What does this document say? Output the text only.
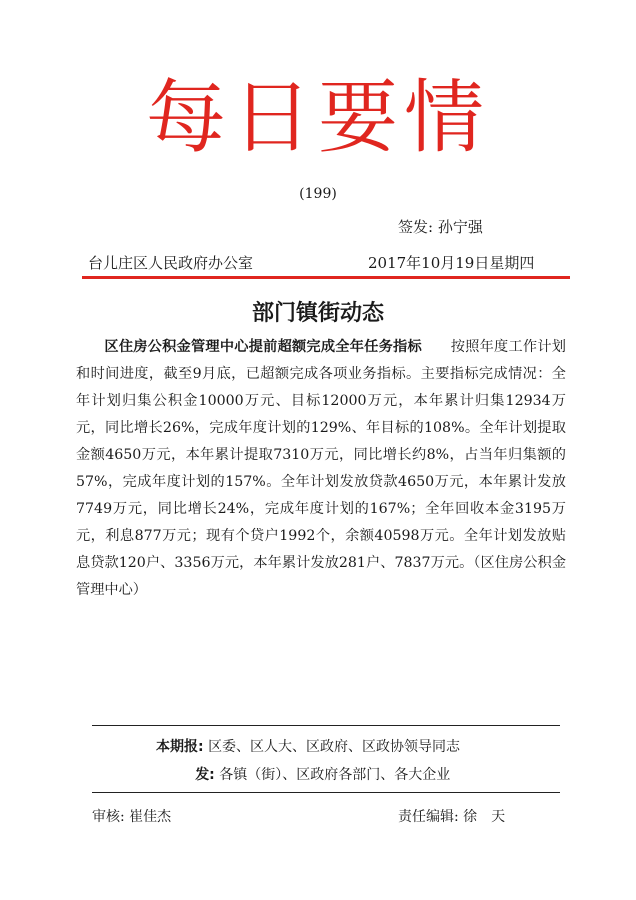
每日要情
(199)
签发: 孙宁强
台儿庄区人民政府办公室	2017年10月19日星期四
部门镇街动态
区住房公积金管理中心提前超额完成全年任务指标　　 按照年度工作计划和时间进度，截至9月底，已超额完成各项业务指标。主要指标完成情况：全年计划归集公积金10000万元、目标12000万元，本年累计归集12934万元，同比增长26%，完成年度计划的129%、年目标的108%。全年计划提取金额4650万元，本年累计提取7310万元，同比增长约8%，占当年归集额的57%，完成年度计划的157%。全年计划发放贷款4650万元，本年累计发放7749万元，同比增长24%，完成年度计划的167%；全年回收本金3195万元，利息877万元；现有个贷户1992个，余额40598万元。全年计划发放贴息贷款120户、3356万元，本年累计发放281户、7837万元。（区住房公积金管理中心）
本期报: 区委、区人大、区政府、区政协领导同志
发: 各镇（街）、区政府各部门、各大企业
审核: 崔佳杰	责任编辑: 徐　天
